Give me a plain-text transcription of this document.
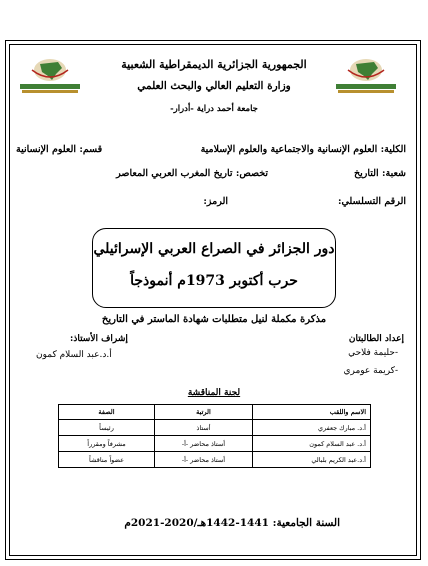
الجمهورية الجزائرية الديمقراطية الشعبية
وزارة التعليم العالي والبحث العلمي
جامعة أحمد دراية -أدرار-
الكلية: العلوم الإنسانية والاجتماعية والعلوم الإسلامية
قسم: العلوم الإنسانية
شعبة: التاريخ
تخصص: تاريخ المغرب العربي المعاصر
الرقم التسلسلي:
الرمز:
دور الجزائر في الصراع العربي الإسرائيلي
حرب أكتوبر 1973م أنموذجاً
مذكرة مكملة لنيل متطلبات شهادة الماستر في التاريخ
إعداد الطالبتان
-حليمة فلاحي
-كريمة عومري
إشراف الأستاذ:
أ.د.عبد السلام كمون
لجنة المناقشة
الاسم واللقب	الرتبة	الصفة
أ.د. مبارك جعفري	أستاذ	رئيساً
أ.د. عبد السلام كمون	أستاذ محاضر -أ-	مشرفاً ومقرراً
أ.د.عبد الكريم بلبالي	أستاذ محاضر -أ-	عضواً مناقشاً
السنة الجامعية: 1441-1442هـ/2020-2021م
